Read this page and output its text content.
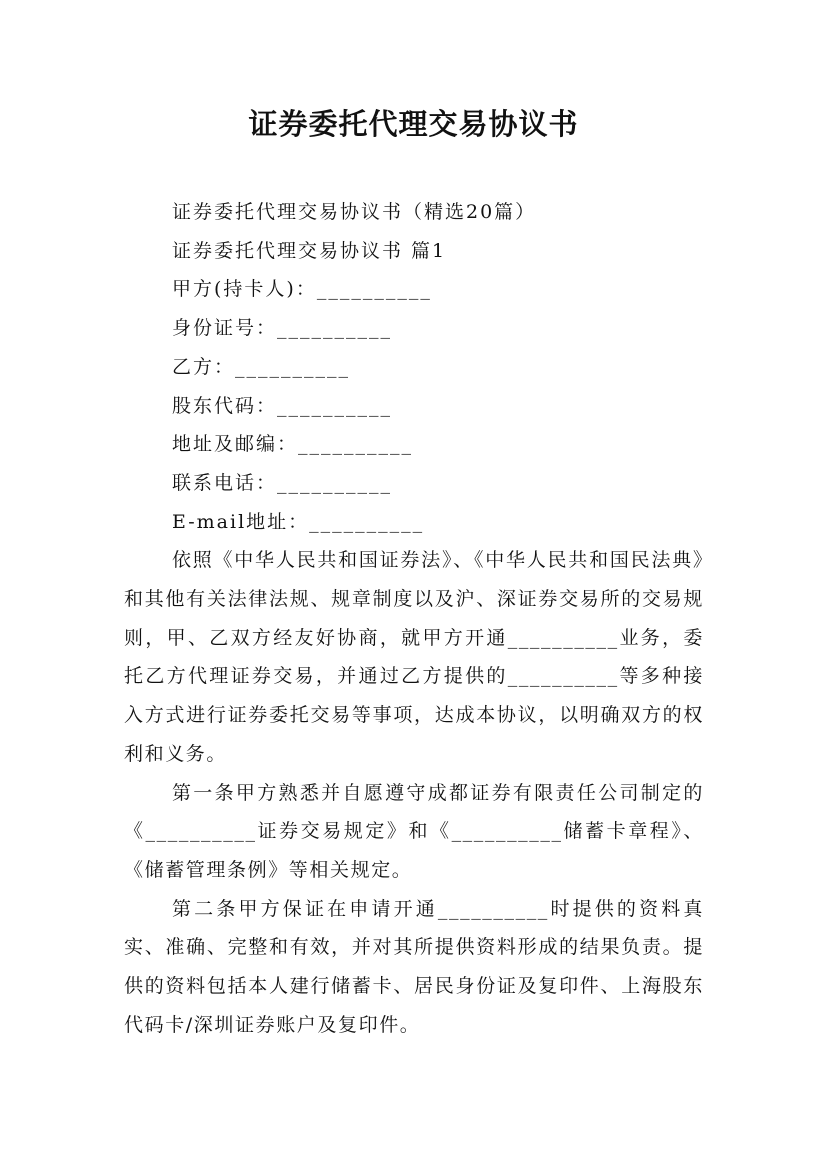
证券委托代理交易协议书

证券委托代理交易协议书（精选20篇）

证券委托代理交易协议书 篇1

甲方(持卡人)：__________

身份证号：__________

乙方：__________

股东代码：__________

地址及邮编：__________

联系电话：__________

E-mail地址：__________

依照《中华人民共和国证券法》、《中华人民共和国民法典》和其他有关法律法规、规章制度以及沪、深证券交易所的交易规则，甲、乙双方经友好协商，就甲方开通__________业务，委托乙方代理证券交易，并通过乙方提供的__________等多种接入方式进行证券委托交易等事项，达成本协议，以明确双方的权利和义务。

第一条甲方熟悉并自愿遵守成都证券有限责任公司制定的《__________证券交易规定》和《__________储蓄卡章程》、《储蓄管理条例》等相关规定。

第二条甲方保证在申请开通__________时提供的资料真实、准确、完整和有效，并对其所提供资料形成的结果负责。提供的资料包括本人建行储蓄卡、居民身份证及复印件、上海股东代码卡/深圳证券账户及复印件。
